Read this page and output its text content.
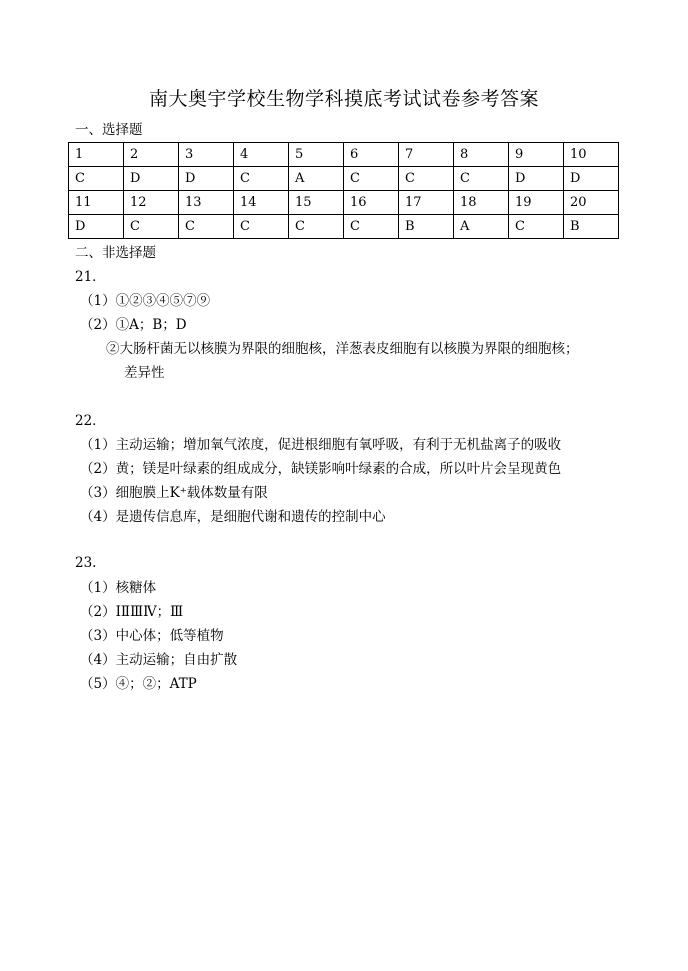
南大奥宇学校生物学科摸底考试试卷参考答案
一、选择题
1	2	3	4	5	6	7	8	9	10
C	D	D	C	A	C	C	C	D	D
11	12	13	14	15	16	17	18	19	20
D	C	C	C	C	C	B	A	C	B
二、非选择题
21．
（1）①②③④⑤⑦⑨
（2）①A；B；D
②大肠杆菌无以核膜为界限的细胞核，洋葱表皮细胞有以核膜为界限的细胞核；
差异性
22．
（1）主动运输；增加氧气浓度，促进根细胞有氧呼吸，有利于无机盐离子的吸收
（2）黄；镁是叶绿素的组成成分，缺镁影响叶绿素的合成，所以叶片会呈现黄色
（3）细胞膜上K⁺载体数量有限
（4）是遗传信息库，是细胞代谢和遗传的控制中心
23.
（1）核糖体
（2）ⅠⅡⅢⅣ；Ⅲ
（3）中心体；低等植物
（4）主动运输；自由扩散
（5）④；②；ATP
